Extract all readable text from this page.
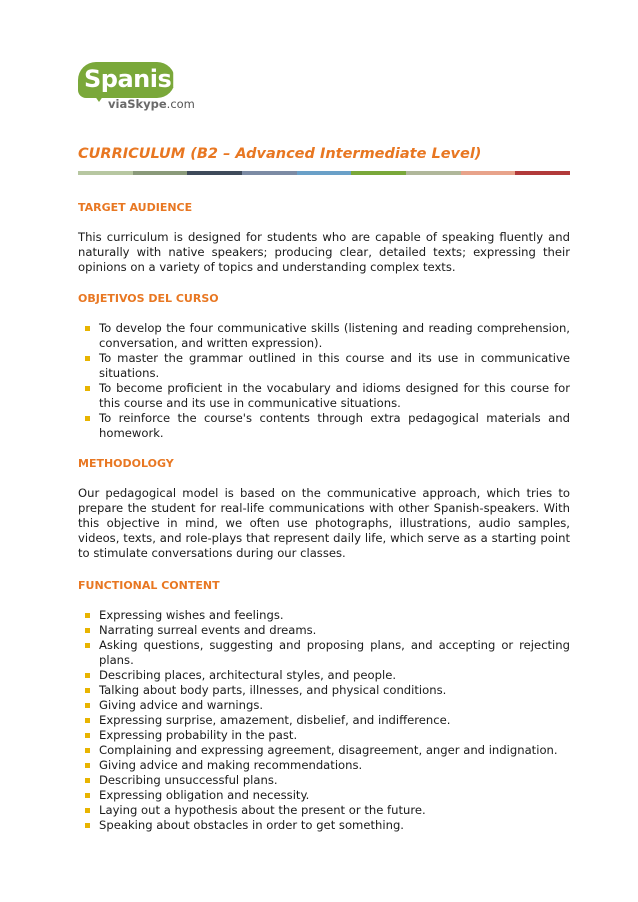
Spanish
viaSkype.com
CURRICULUM (B2 – Advanced Intermediate Level)
TARGET AUDIENCE
This curriculum is designed for students who are capable of speaking fluently and naturally with native speakers; producing clear, detailed texts; expressing their opinions on a variety of topics and understanding complex texts.
OBJETIVOS DEL CURSO
To develop the four communicative skills (listening and reading comprehension, conversation, and written expression).
To master the grammar outlined in this course and its use in communicative situations.
To become proficient in the vocabulary and idioms designed for this course for this course and its use in communicative situations.
To reinforce the course's contents through extra pedagogical materials and homework.
METHODOLOGY
Our pedagogical model is based on the communicative approach, which tries to prepare the student for real-life communications with other Spanish-speakers. With this objective in mind, we often use photographs, illustrations, audio samples, videos, texts, and role-plays that represent daily life, which serve as a starting point to stimulate conversations during our classes.
FUNCTIONAL CONTENT
Expressing wishes and feelings.
Narrating surreal events and dreams.
Asking questions, suggesting and proposing plans, and accepting or rejecting plans.
Describing places, architectural styles, and people.
Talking about body parts, illnesses, and physical conditions.
Giving advice and warnings.
Expressing surprise, amazement, disbelief, and indifference.
Expressing probability in the past.
Complaining and expressing agreement, disagreement, anger and indignation.
Giving advice and making recommendations.
Describing unsuccessful plans.
Expressing obligation and necessity.
Laying out a hypothesis about the present or the future.
Speaking about obstacles in order to get something.
